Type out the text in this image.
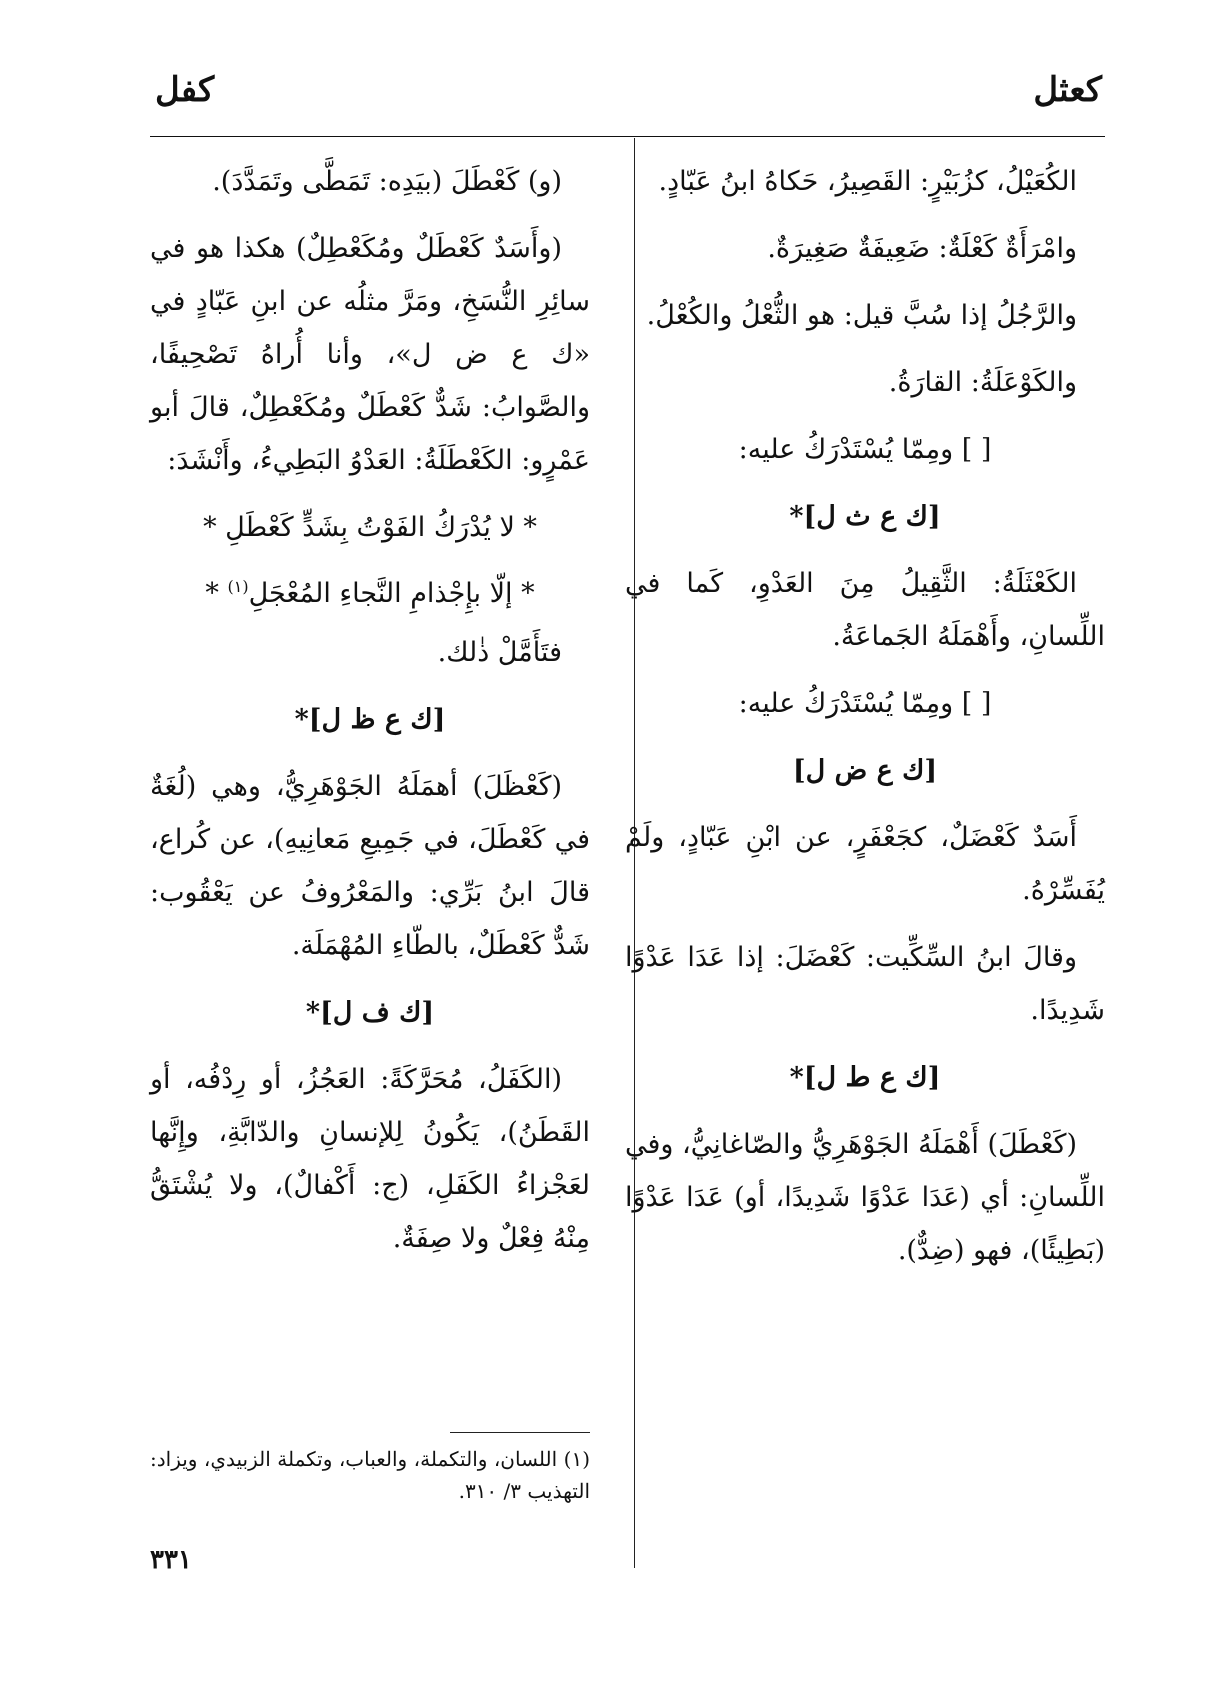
كعثل
كفل

الكُعَيْلُ، كزُبَيْرٍ: القَصِيرُ، حَكاهُ ابنُ عَبّادٍ.

وامْرَأَةٌ كَعْلَةٌ: ضَعِيفَةٌ صَغِيرَةٌ.

والرَّجُلُ إذا سُبَّ قيل: هو الثُّعْلُ والكُعْلُ.

والكَوْعَلَةُ: القارَةُ.

[ ] ومِمّا يُسْتَدْرَكُ عليه:

[ك ع ث ل]*

الكَعْثَلَةُ: الثَّقِيلُ مِنَ العَدْوِ، كَما في اللِّسانِ، وأَهْمَلَهُ الجَماعَةُ.

[ ] ومِمّا يُسْتَدْرَكُ عليه:

[ك ع ض ل]

أَسَدٌ كَعْضَلٌ، كجَعْفَرٍ، عن ابْنِ عَبّادٍ، ولَمْ يُفَسِّرْهُ.

وقالَ ابنُ السِّكِّيت: كَعْضَلَ: إذا عَدَا عَدْوًا شَدِيدًا.

[ك ع ط ل]*

(كَعْطَلَ) أَهْمَلَهُ الجَوْهَرِيُّ والصّاغانِيُّ، وفي اللِّسانِ: أي (عَدَا عَدْوًا شَدِيدًا، أو) عَدَا عَدْوًا (بَطِيئًا)، فهو (ضِدٌّ).

(و) كَعْطَلَ (بيَدِه: تَمَطَّى وتَمَدَّدَ).

(وأَسَدٌ كَعْطَلٌ ومُكَعْطِلٌ) هكذا هو في سائِرِ النُّسَخِ، ومَرَّ مثلُه عن ابنِ عَبّادٍ في «ك ع ض ل»، وأنا أُراهُ تَصْحِيفًا، والصَّوابُ: شَدٌّ كَعْطَلٌ ومُكَعْطِلٌ، قالَ أبو عَمْرٍو: الكَعْطَلَةُ: العَدْوُ البَطِيءُ، وأَنْشَدَ:

* لا يُدْرَكُ الفَوْتُ بِشَدٍّ كَعْطَلِ *

* إلّا بإِجْذامِ النَّجاءِ المُعْجَلِ$^{(١)}$ *

فتَأَمَّلْ ذٰلك.

[ك ع ظ ل]*

(كَعْظَلَ) أهمَلَهُ الجَوْهَرِيُّ، وهي (لُغَةٌ في كَعْطَلَ، في جَمِيعِ مَعانِيهِ)، عن كُراع، قالَ ابنُ بَرِّي: والمَعْرُوفُ عن يَعْقُوب: شَدٌّ كَعْطَلٌ، بالطّاءِ المُهْمَلَة.

[ك ف ل]*

(الكَفَلُ، مُحَرَّكَةً: العَجُزُ، أو رِدْفُه، أو القَطَنُ)، يَكُونُ لِلإنسانِ والدّابَّةِ، وإِنَّها لعَجْزاءُ الكَفَلِ، (ج: أَكْفالٌ)، ولا يُشْتَقُّ مِنْهُ فِعْلٌ ولا صِفَةٌ.

(١) اللسان، والتكملة، والعباب، وتكملة الزبيدي، ويزاد: التهذيب ٣/ ٣١٠.
٣٣١
